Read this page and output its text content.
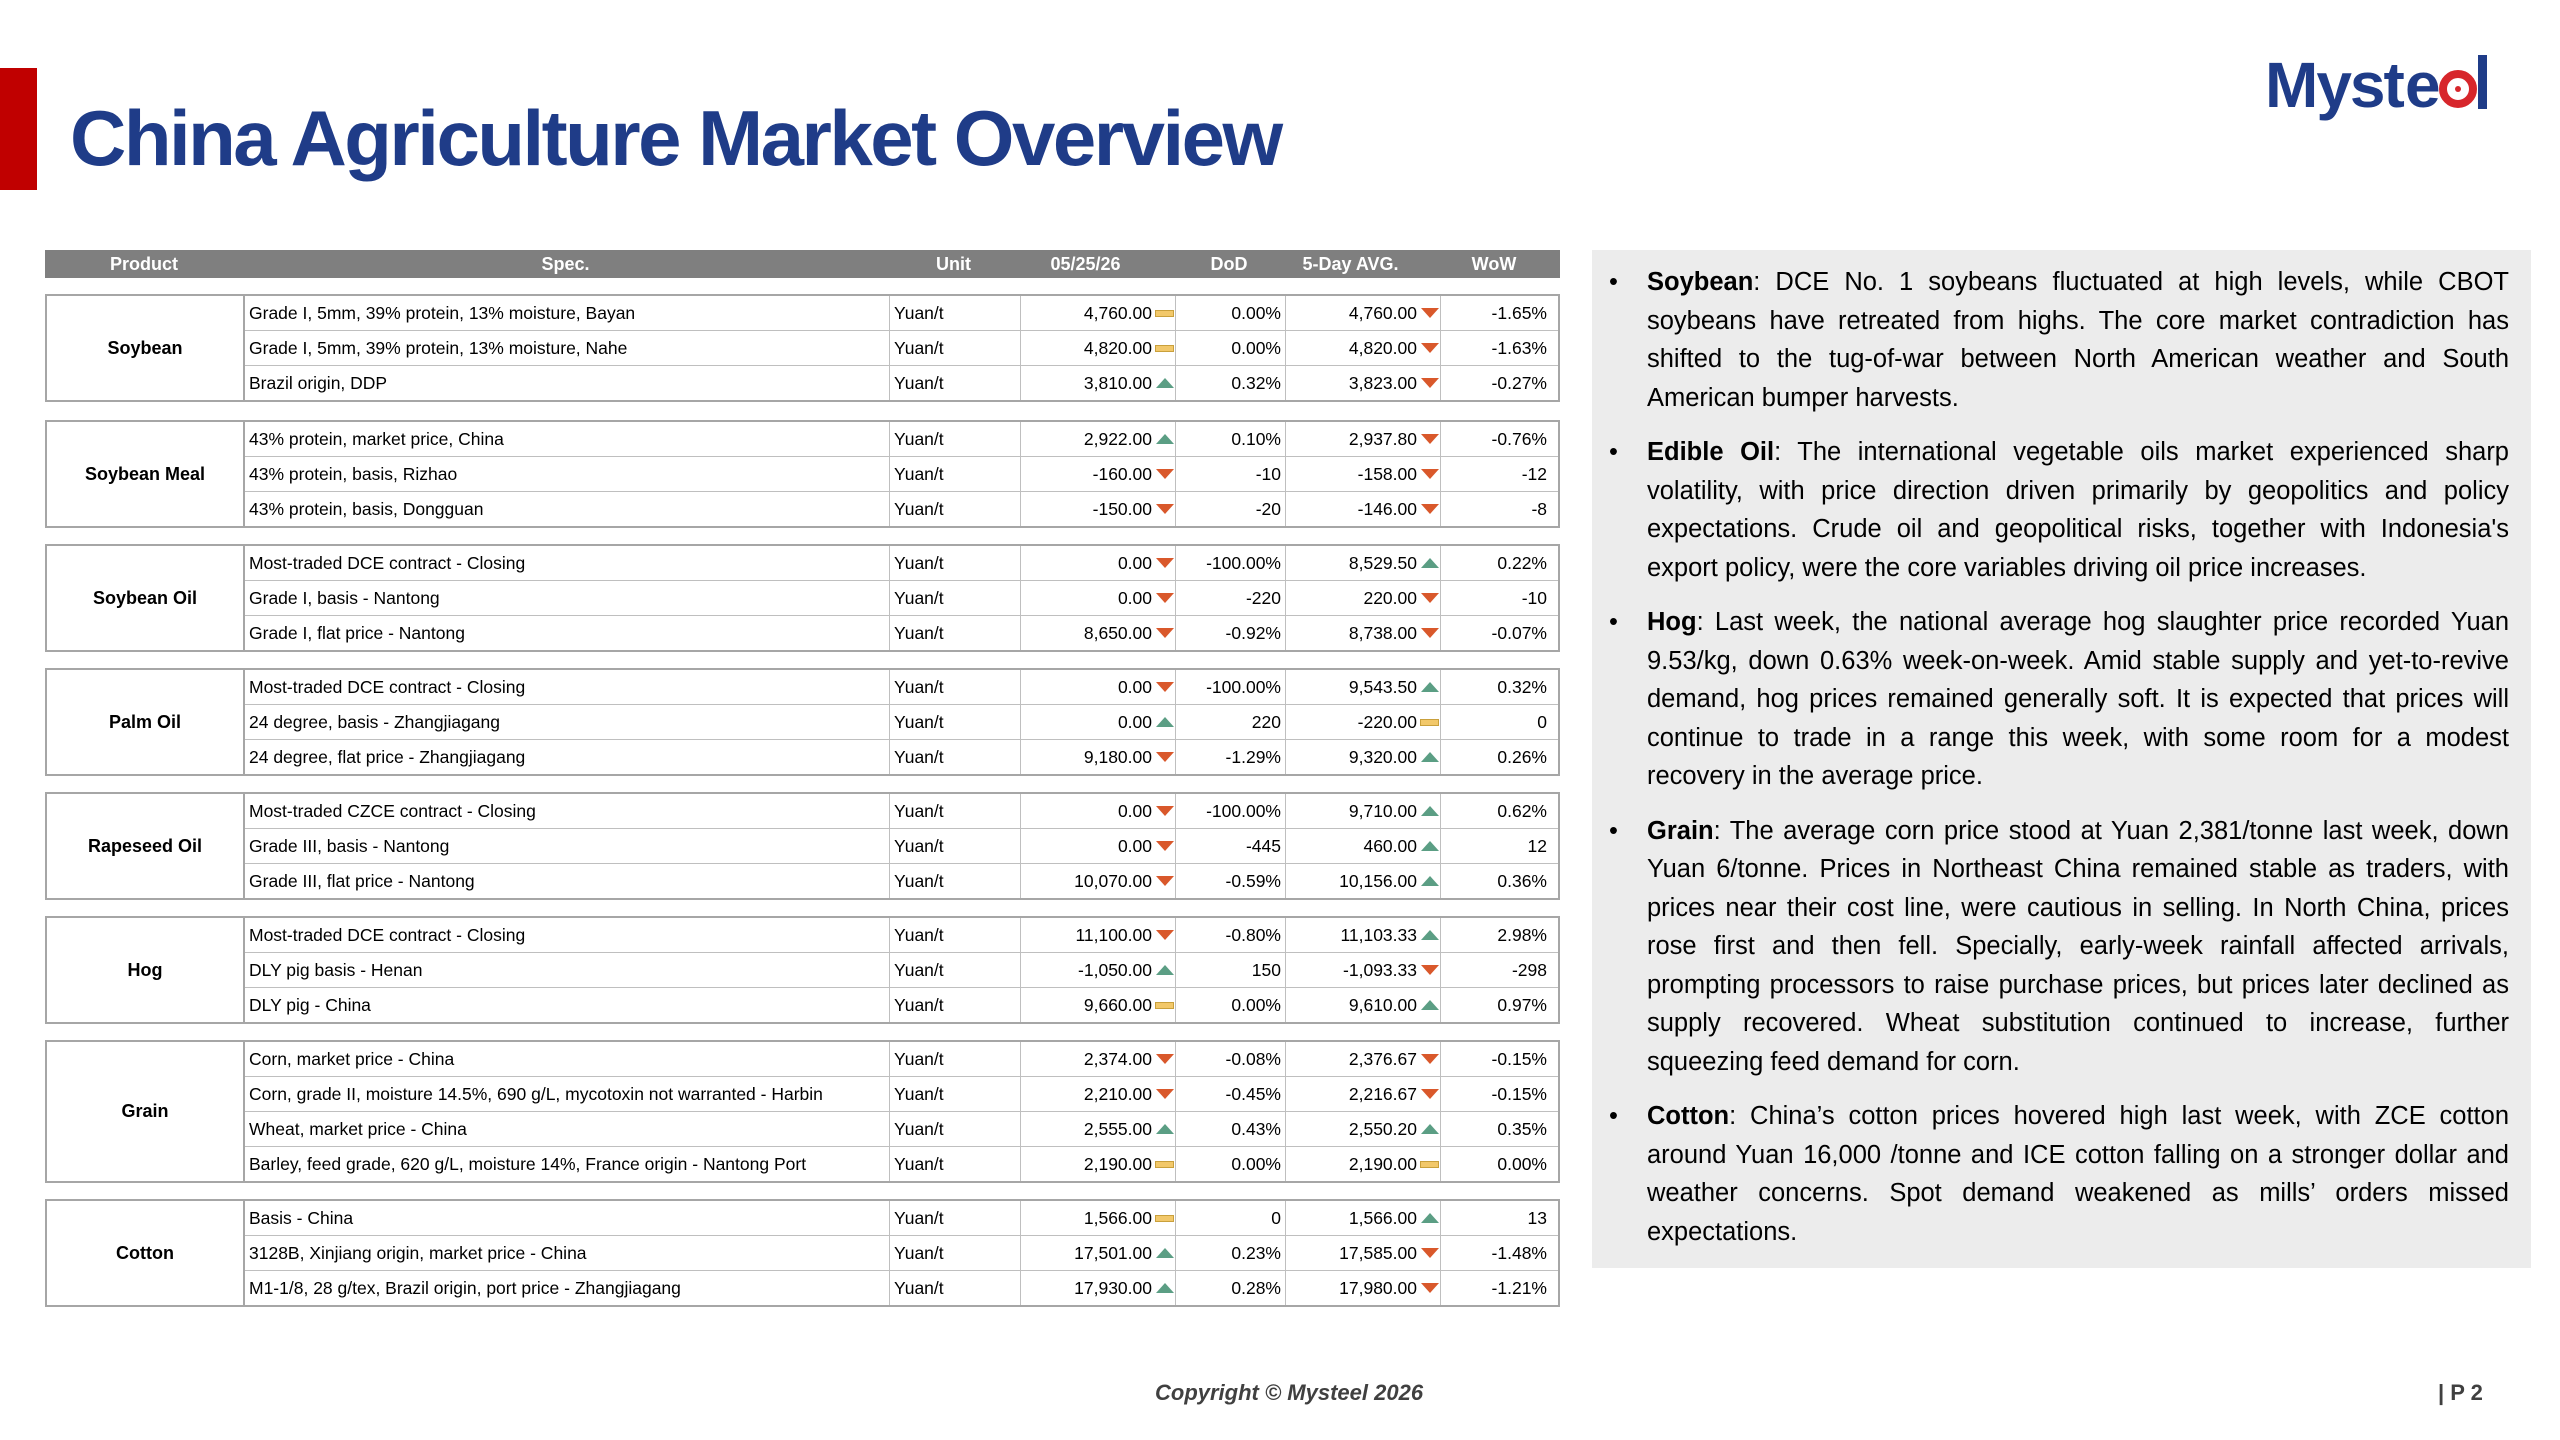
China Agriculture Market Overview
Myst e
Product	Spec.	Unit	05/25/26	DoD	5-Day AVG.	WoW
Soybean
Grade I, 5mm, 39% protein, 13% moisture, Bayan	Yuan/t	4,760.00	0.00%	4,760.00	-1.65%
Grade I, 5mm, 39% protein, 13% moisture, Nahe	Yuan/t	4,820.00	0.00%	4,820.00	-1.63%
Brazil origin, DDP	Yuan/t	3,810.00	0.32%	3,823.00	-0.27%
Soybean Meal
43% protein, market price, China	Yuan/t	2,922.00	0.10%	2,937.80	-0.76%
43% protein, basis, Rizhao	Yuan/t	-160.00	-10	-158.00	-12
43% protein, basis, Dongguan	Yuan/t	-150.00	-20	-146.00	-8
Soybean Oil
Most-traded DCE contract - Closing	Yuan/t	0.00	-100.00%	8,529.50	0.22%
Grade I, basis - Nantong	Yuan/t	0.00	-220	220.00	-10
Grade I, flat price - Nantong	Yuan/t	8,650.00	-0.92%	8,738.00	-0.07%
Palm Oil
Most-traded DCE contract - Closing	Yuan/t	0.00	-100.00%	9,543.50	0.32%
24 degree, basis - Zhangjiagang	Yuan/t	0.00	220	-220.00	0
24 degree, flat price - Zhangjiagang	Yuan/t	9,180.00	-1.29%	9,320.00	0.26%
Rapeseed Oil
Most-traded CZCE contract - Closing	Yuan/t	0.00	-100.00%	9,710.00	0.62%
Grade III, basis - Nantong	Yuan/t	0.00	-445	460.00	12
Grade III, flat price - Nantong	Yuan/t	10,070.00	-0.59%	10,156.00	0.36%
Hog
Most-traded DCE contract - Closing	Yuan/t	11,100.00	-0.80%	11,103.33	2.98%
DLY pig basis - Henan	Yuan/t	-1,050.00	150	-1,093.33	-298
DLY pig - China	Yuan/t	9,660.00	0.00%	9,610.00	0.97%
Grain
Corn, market price - China	Yuan/t	2,374.00	-0.08%	2,376.67	-0.15%
Corn, grade II, moisture 14.5%, 690 g/L, mycotoxin not warranted - Harbin	Yuan/t	2,210.00	-0.45%	2,216.67	-0.15%
Wheat, market price - China	Yuan/t	2,555.00	0.43%	2,550.20	0.35%
Barley, feed grade, 620 g/L, moisture 14%, France origin - Nantong Port	Yuan/t	2,190.00	0.00%	2,190.00	0.00%
Cotton
Basis - China	Yuan/t	1,566.00	0	1,566.00	13
3128B, Xinjiang origin, market price - China	Yuan/t	17,501.00	0.23%	17,585.00	-1.48%
M1-1/8, 28 g/tex, Brazil origin, port price - Zhangjiagang	Yuan/t	17,930.00	0.28%	17,980.00	-1.21%
• Soybean: DCE No. 1 soybeans fluctuated at high levels, while CBOT soybeans have retreated from highs. The core market contradiction has shifted to the tug-of-war between North American weather and South American bumper harvests.
• Edible Oil: The international vegetable oils market experienced sharp volatility, with price direction driven primarily by geopolitics and policy expectations. Crude oil and geopolitical risks, together with Indonesia's export policy, were the core variables driving oil price increases.
• Hog: Last week, the national average hog slaughter price recorded Yuan 9.53/kg, down 0.63% week-on-week. Amid stable supply and yet-to-revive demand, hog prices remained generally soft. It is expected that prices will continue to trade in a range this week, with some room for a modest recovery in the average price.
• Grain: The average corn price stood at Yuan 2,381/tonne last week, down Yuan 6/tonne. Prices in Northeast China remained stable as traders, with prices near their cost line, were cautious in selling. In North China, prices rose first and then fell. Specially, early-week rainfall affected arrivals, prompting processors to raise purchase prices, but prices later declined as supply recovered. Wheat substitution continued to increase, further squeezing feed demand for corn.
• Cotton: China’s cotton prices hovered high last week, with ZCE cotton around Yuan 16,000 /tonne and ICE cotton falling on a stronger dollar and weather concerns. Spot demand weakened as mills’ orders missed expectations.
Copyright © Mysteel 2026	| P 2
